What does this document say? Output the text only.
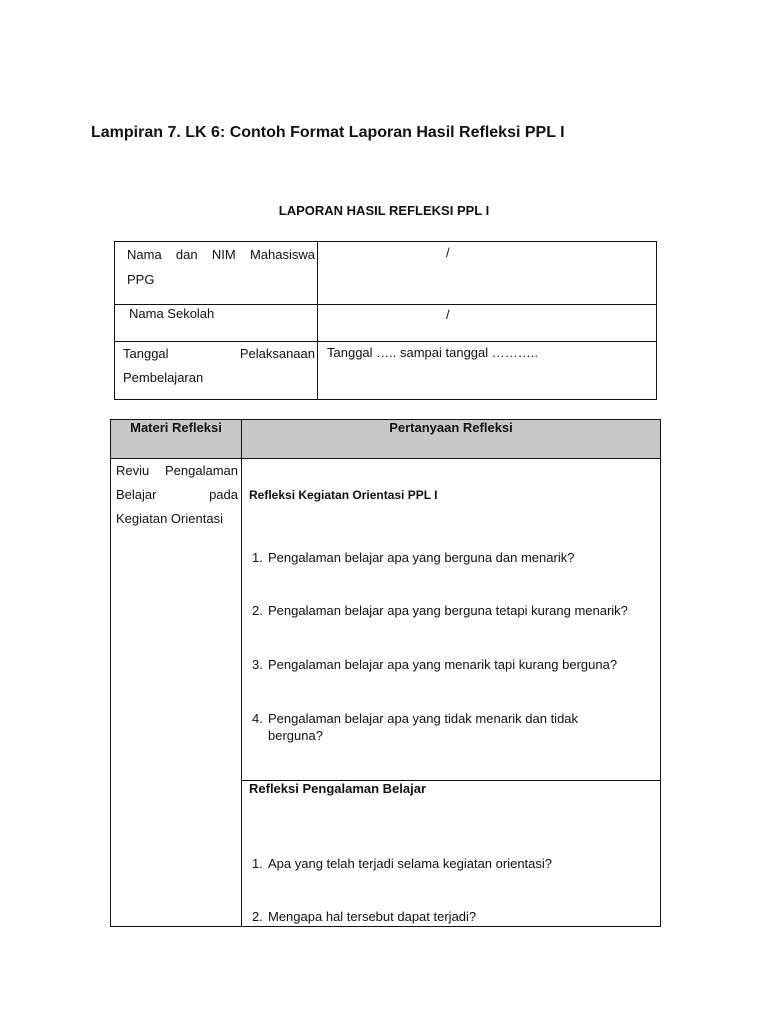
Lampiran 7. LK 6: Contoh Format Laporan Hasil Refleksi PPL I
LAPORAN HASIL REFLEKSI PPL I
Nama dan NIM Mahasiswa
PPG
/
Nama Sekolah	/
Tanggal Pelaksanaan
Pembelajaran
Tanggal ….. sampai tanggal ………..
Materi Refleksi	Pertanyaan Refleksi
Reviu Pengalaman
Belajar pada
Kegiatan Orientasi
Refleksi Kegiatan Orientasi PPL I
1. Pengalaman belajar apa yang berguna dan menarik?
2. Pengalaman belajar apa yang berguna tetapi kurang menarik?
3. Pengalaman belajar apa yang menarik tapi kurang berguna?
4. Pengalaman belajar apa yang tidak menarik dan tidak berguna?
Refleksi Pengalaman Belajar
1. Apa yang telah terjadi selama kegiatan orientasi?
2. Mengapa hal tersebut dapat terjadi?
